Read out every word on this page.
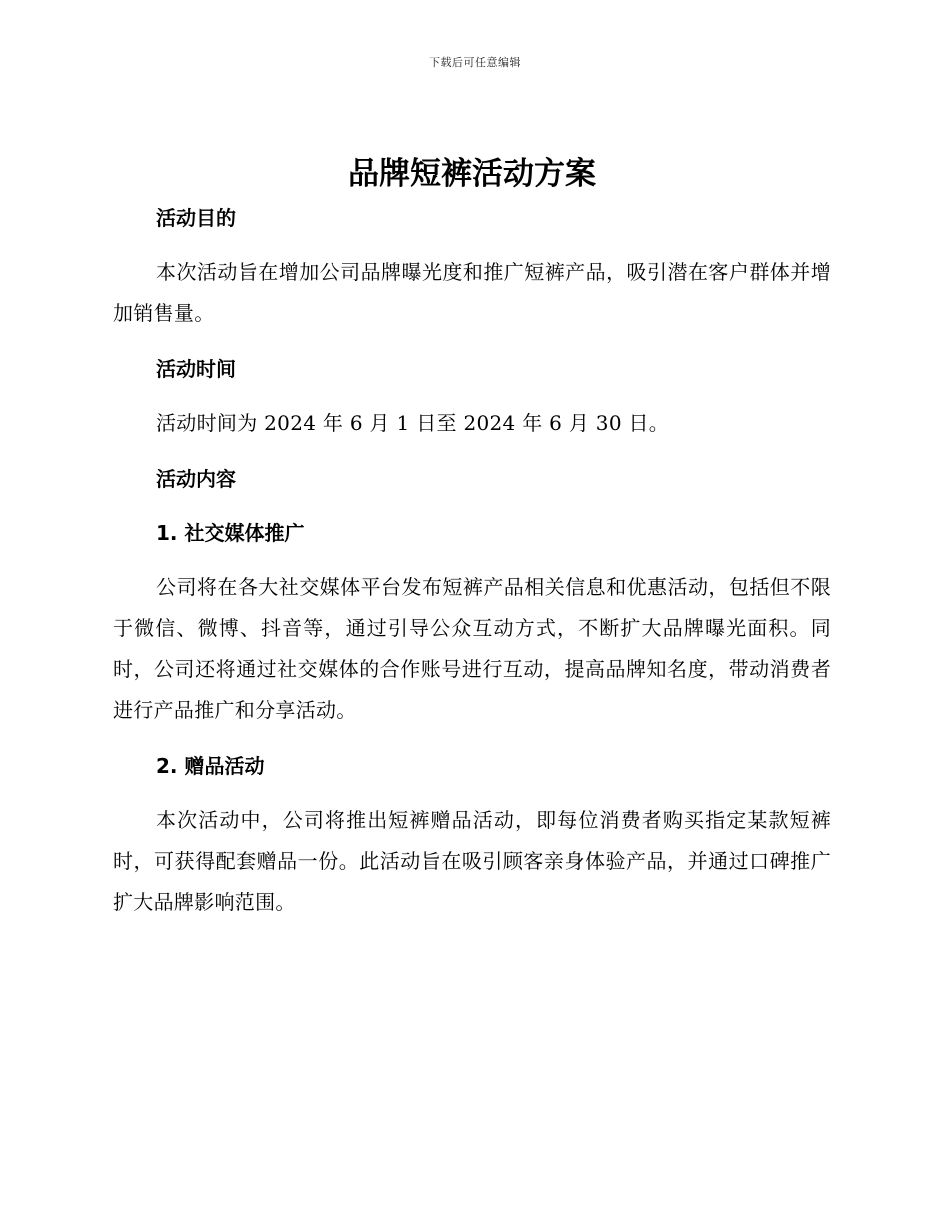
下载后可任意编辑
品牌短裤活动方案
活动目的

本次活动旨在增加公司品牌曝光度和推广短裤产品，吸引潜在客户群体并增加销售量。

活动时间

活动时间为 2024 年 6 月 1 日至 2024 年 6 月 30 日。

活动内容
1. 社交媒体推广

公司将在各大社交媒体平台发布短裤产品相关信息和优惠活动，包括但不限于微信、微博、抖音等，通过引导公众互动方式，不断扩大品牌曝光面积。同时，公司还将通过社交媒体的合作账号进行互动，提高品牌知名度，带动消费者进行产品推广和分享活动。

2. 赠品活动

本次活动中，公司将推出短裤赠品活动，即每位消费者购买指定某款短裤时，可获得配套赠品一份。此活动旨在吸引顾客亲身体验产品，并通过口碑推广扩大品牌影响范围。
